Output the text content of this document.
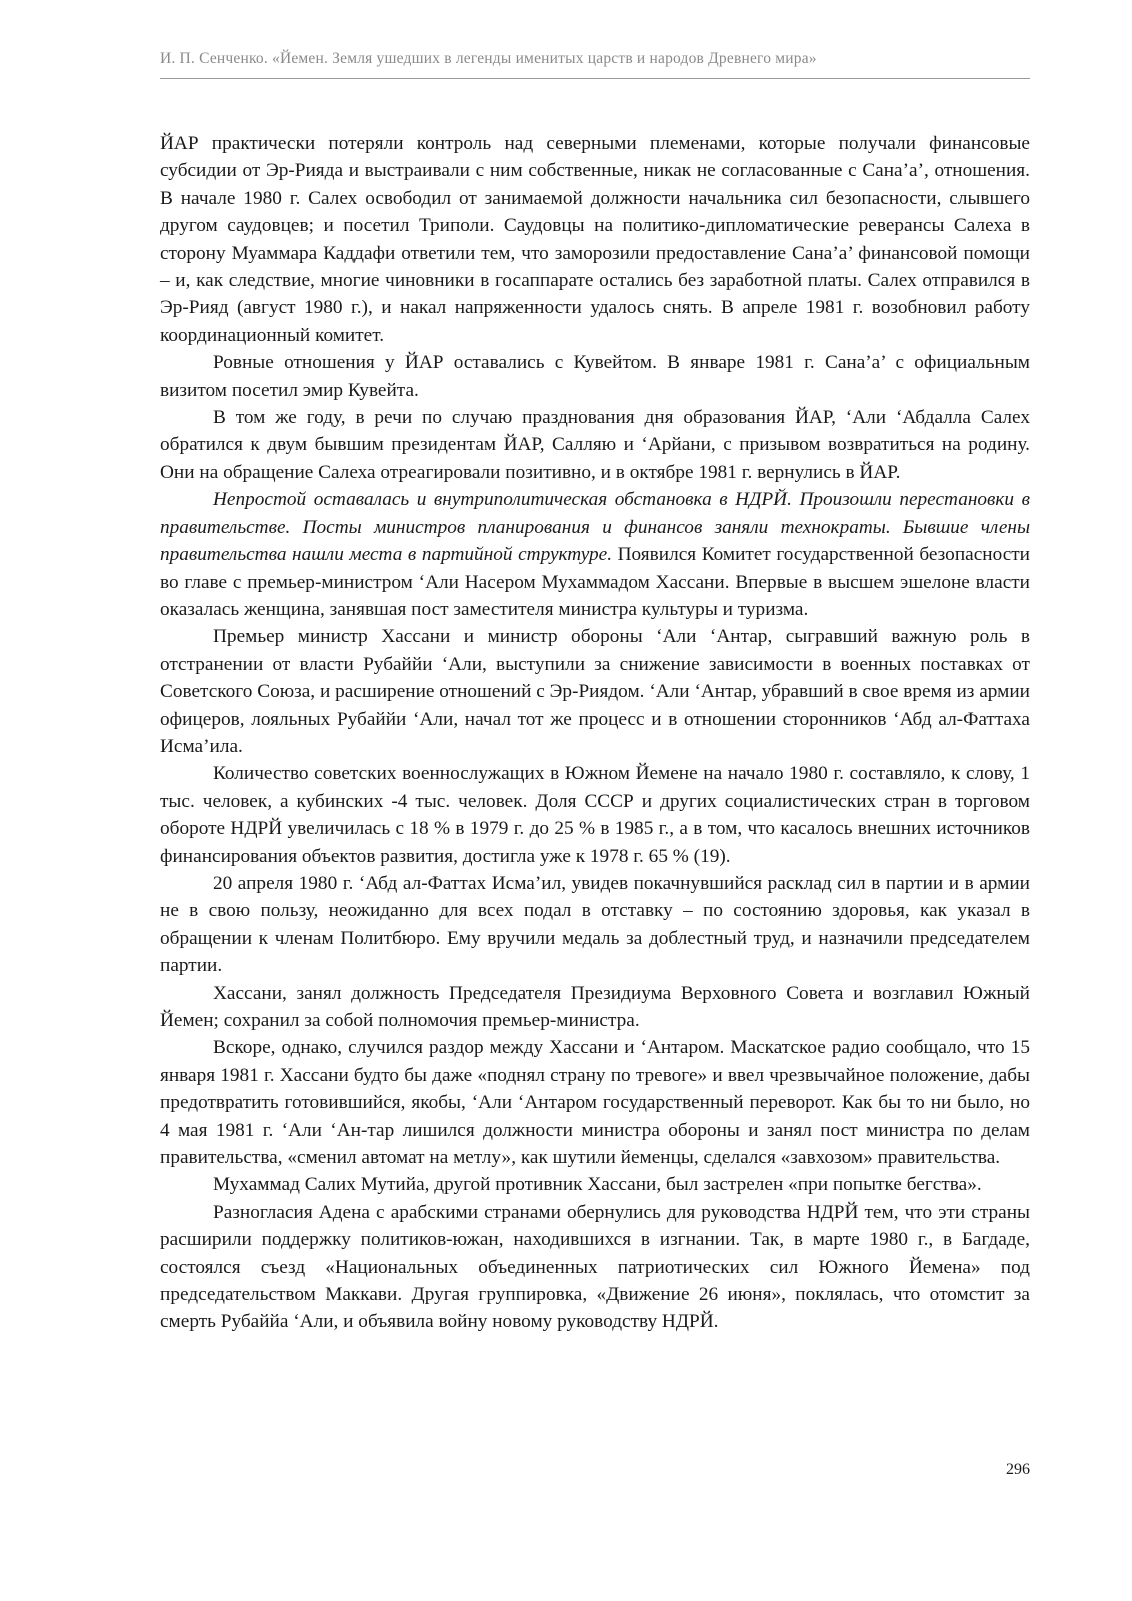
И. П. Сенченко. «Йемен. Земля ушедших в легенды именитых царств и народов Древнего мира»

ЙАР практически потеряли контроль над северными племенами, которые получали финансовые субсидии от Эр-Рияда и выстраивали с ним собственные, никак не согласованные с Сана’а’, отношения. В начале 1980 г. Салех освободил от занимаемой должности начальника сил безопасности, слывшего другом саудовцев; и посетил Триполи. Саудовцы на политико-дипломатические реверансы Салеха в сторону Муаммара Каддафи ответили тем, что заморозили предоставление Сана’а’ финансовой помощи – и, как следствие, многие чиновники в госаппарате остались без заработной платы. Салех отправился в Эр-Рияд (август 1980 г.), и накал напряженности удалось снять. В апреле 1981 г. возобновил работу координационный комитет.

Ровные отношения у ЙАР оставались с Кувейтом. В январе 1981 г. Сана’а’ с официальным визитом посетил эмир Кувейта.

В том же году, в речи по случаю празднования дня образования ЙАР, ‘Али ‘Абдалла Салех обратился к двум бывшим президентам ЙАР, Салляю и ‘Арйани, с призывом возвратиться на родину. Они на обращение Салеха отреагировали позитивно, и в октябре 1981 г. вернулись в ЙАР.

Непростой оставалась и внутриполитическая обстановка в НДРЙ. Произошли перестановки в правительстве. Посты министров планирования и финансов заняли технократы. Бывшие члены правительства нашли места в партийной структуре. Появился Комитет государственной безопасности во главе с премьер-министром ‘Али Насером Мухаммадом Хассани. Впервые в высшем эшелоне власти оказалась женщина, занявшая пост заместителя министра культуры и туризма.

Премьер министр Хассани и министр обороны ‘Али ‘Антар, сыгравший важную роль в отстранении от власти Рубаййи ‘Али, выступили за снижение зависимости в военных поставках от Советского Союза, и расширение отношений с Эр-Риядом. ‘Али ‘Антар, убравший в свое время из армии офицеров, лояльных Рубаййи ‘Али, начал тот же процесс и в отношении сторонников ‘Абд ал-Фаттаха Исма’ила.

Количество советских военнослужащих в Южном Йемене на начало 1980 г. составляло, к слову, 1 тыс. человек, а кубинских -4 тыс. человек. Доля СССР и других социалистических стран в торговом обороте НДРЙ увеличилась с 18 % в 1979 г. до 25 % в 1985 г., а в том, что касалось внешних источников финансирования объектов развития, достигла уже к 1978 г. 65 % (19).

20 апреля 1980 г. ‘Абд ал-Фаттах Исма’ил, увидев покачнувшийся расклад сил в партии и в армии не в свою пользу, неожиданно для всех подал в отставку – по состоянию здоровья, как указал в обращении к членам Политбюро. Ему вручили медаль за доблестный труд, и назначили председателем партии.

Хассани, занял должность Председателя Президиума Верховного Совета и возглавил Южный Йемен; сохранил за собой полномочия премьер-министра.

Вскоре, однако, случился раздор между Хассани и ‘Антаром. Маскатское радио сообщало, что 15 января 1981 г. Хассани будто бы даже «поднял страну по тревоге» и ввел чрезвычайное положение, дабы предотвратить готовившийся, якобы, ‘Али ‘Антаром государственный переворот. Как бы то ни было, но 4 мая 1981 г. ‘Али ‘Ан-тар лишился должности министра обороны и занял пост министра по делам правительства, «сменил автомат на метлу», как шутили йеменцы, сделался «завхозом» правительства.

Мухаммад Салих Мутийа, другой противник Хассани, был застрелен «при попытке бегства».

Разногласия Адена с арабскими странами обернулись для руководства НДРЙ тем, что эти страны расширили поддержку политиков-южан, находившихся в изгнании. Так, в марте 1980 г., в Багдаде, состоялся съезд «Национальных объединенных патриотических сил Южного Йемена» под председательством Маккави. Другая группировка, «Движение 26 июня», поклялась, что отомстит за смерть Рубаййа ‘Али, и объявила войну новому руководству НДРЙ.

296
